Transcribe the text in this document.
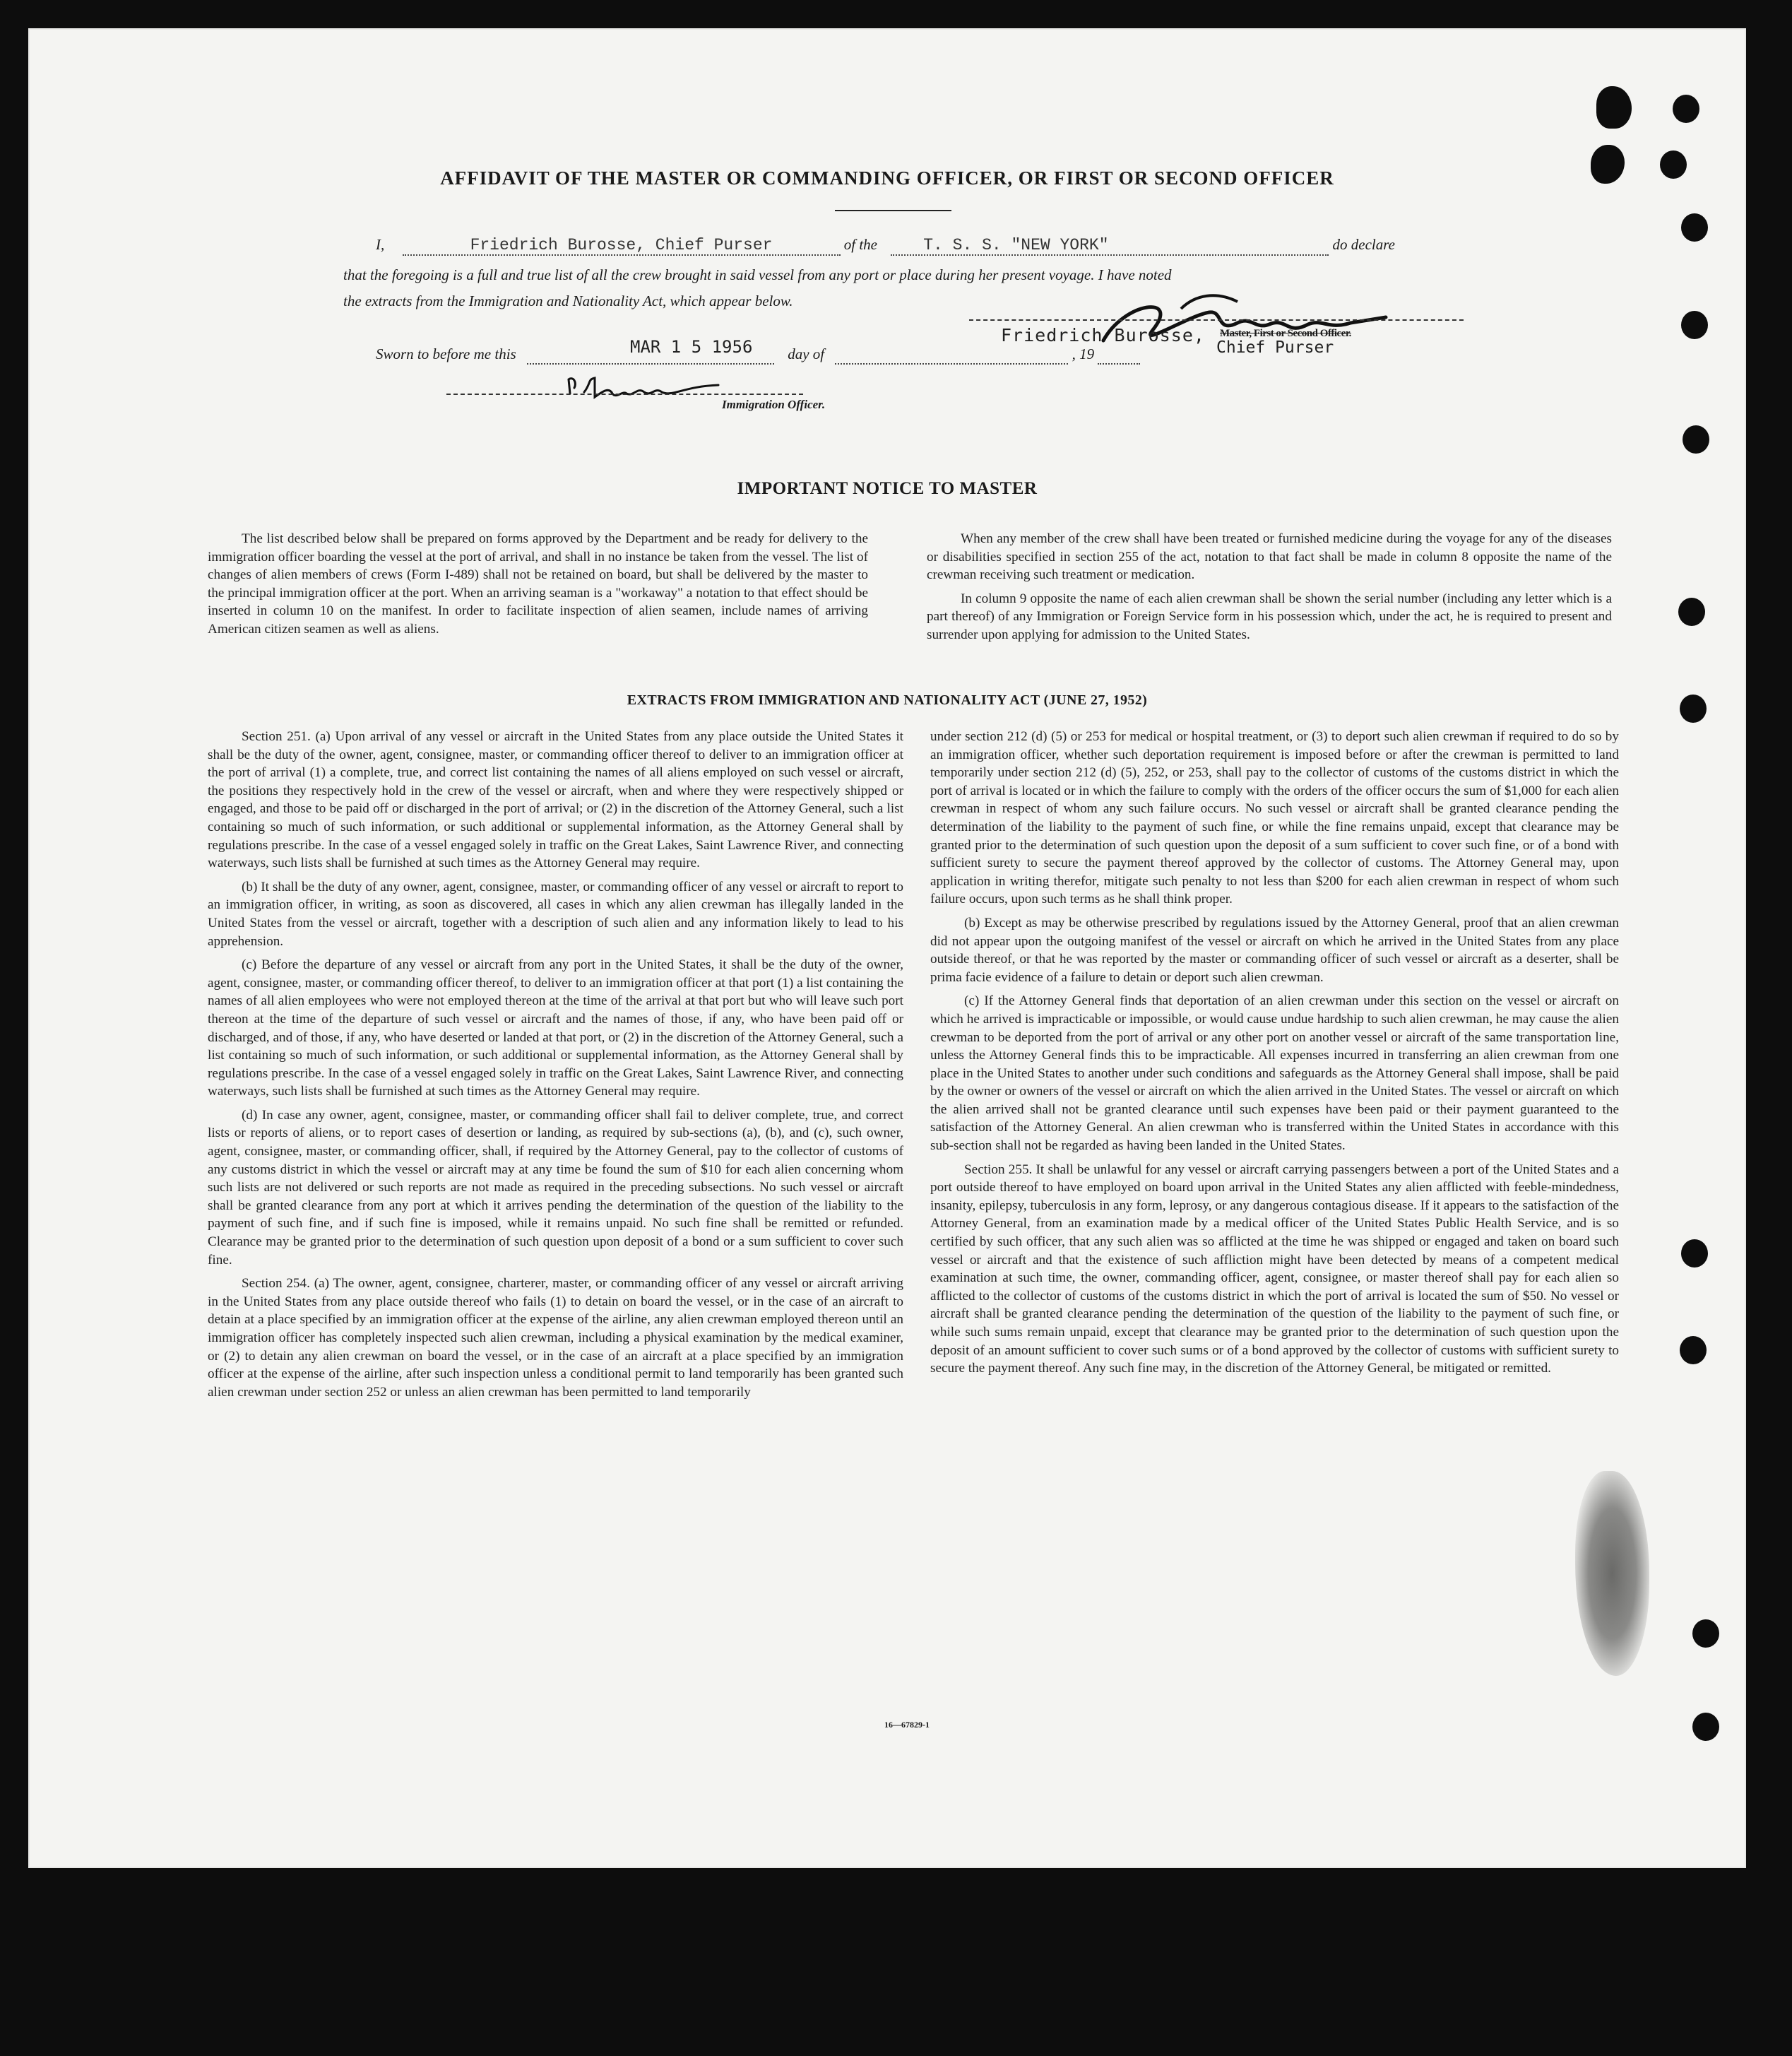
AFFIDAVIT OF THE MASTER OR COMMANDING OFFICER, OR FIRST OR SECOND OFFICER
I,	Friedrich Burosse, Chief Purser	of the	T. S. S. "NEW YORK"	do declare
that the foregoing is a full and true list of all the crew brought in said vessel from any port or place during her present voyage. I have noted
the extracts from the Immigration and Nationality Act, which appear below.
MAR 1 5 1956
Friedrich Burosse, Master, First or Second Officer.
Chief Purser
Sworn to before me this	day of	, 19
Immigration Officer.
IMPORTANT NOTICE TO MASTER

The list described below shall be prepared on forms approved by the Department and be ready for delivery to the immigration officer boarding the vessel at the port of arrival, and shall in no instance be taken from the vessel. The list of changes of alien members of crews (Form I-489) shall not be retained on board, but shall be delivered by the master to the principal immigration officer at the port. When an arriving seaman is a "workaway" a notation to that effect should be inserted in column 10 on the manifest. In order to facilitate inspection of alien seamen, include names of arriving American citizen seamen as well as aliens.

When any member of the crew shall have been treated or furnished medicine during the voyage for any of the diseases or disabilities specified in section 255 of the act, notation to that fact shall be made in column 8 opposite the name of the crewman receiving such treatment or medication.

In column 9 opposite the name of each alien crewman shall be shown the serial number (including any letter which is a part thereof) of any Immigration or Foreign Service form in his possession which, under the act, he is required to present and surrender upon applying for admission to the United States.

EXTRACTS FROM IMMIGRATION AND NATIONALITY ACT (JUNE 27, 1952)

Section 251. (a) Upon arrival of any vessel or aircraft in the United States from any place outside the United States it shall be the duty of the owner, agent, consignee, master, or commanding officer thereof to deliver to an immigration officer at the port of arrival (1) a complete, true, and correct list containing the names of all aliens employed on such vessel or aircraft, the positions they respectively hold in the crew of the vessel or aircraft, when and where they were respectively shipped or engaged, and those to be paid off or discharged in the port of arrival; or (2) in the discretion of the Attorney General, such a list containing so much of such information, or such additional or supplemental information, as the Attorney General shall by regulations prescribe. In the case of a vessel engaged solely in traffic on the Great Lakes, Saint Lawrence River, and connecting waterways, such lists shall be furnished at such times as the Attorney General may require.

(b) It shall be the duty of any owner, agent, consignee, master, or commanding officer of any vessel or aircraft to report to an immigration officer, in writing, as soon as discovered, all cases in which any alien crewman has illegally landed in the United States from the vessel or aircraft, together with a description of such alien and any information likely to lead to his apprehension.

(c) Before the departure of any vessel or aircraft from any port in the United States, it shall be the duty of the owner, agent, consignee, master, or commanding officer thereof, to deliver to an immigration officer at that port (1) a list containing the names of all alien employees who were not employed thereon at the time of the arrival at that port but who will leave such port thereon at the time of the departure of such vessel or aircraft and the names of those, if any, who have been paid off or discharged, and of those, if any, who have deserted or landed at that port, or (2) in the discretion of the Attorney General, such a list containing so much of such information, or such additional or supplemental information, as the Attorney General shall by regulations prescribe. In the case of a vessel engaged solely in traffic on the Great Lakes, Saint Lawrence River, and connecting waterways, such lists shall be furnished at such times as the Attorney General may require.

(d) In case any owner, agent, consignee, master, or commanding officer shall fail to deliver complete, true, and correct lists or reports of aliens, or to report cases of desertion or landing, as required by sub-sections (a), (b), and (c), such owner, agent, consignee, master, or commanding officer, shall, if required by the Attorney General, pay to the collector of customs of any customs district in which the vessel or aircraft may at any time be found the sum of $10 for each alien concerning whom such lists are not delivered or such reports are not made as required in the preceding subsections. No such vessel or aircraft shall be granted clearance from any port at which it arrives pending the determination of the question of the liability to the payment of such fine, and if such fine is imposed, while it remains unpaid. No such fine shall be remitted or refunded. Clearance may be granted prior to the determination of such question upon deposit of a bond or a sum sufficient to cover such fine.

Section 254. (a) The owner, agent, consignee, charterer, master, or commanding officer of any vessel or aircraft arriving in the United States from any place outside thereof who fails (1) to detain on board the vessel, or in the case of an aircraft to detain at a place specified by an immigration officer at the expense of the airline, any alien crewman employed thereon until an immigration officer has completely inspected such alien crewman, including a physical examination by the medical examiner, or (2) to detain any alien crewman on board the vessel, or in the case of an aircraft at a place specified by an immigration officer at the expense of the airline, after such inspection unless a conditional permit to land temporarily has been granted such alien crewman under section 252 or unless an alien crewman has been permitted to land temporarily

under section 212 (d) (5) or 253 for medical or hospital treatment, or (3) to deport such alien crewman if required to do so by an immigration officer, whether such deportation requirement is imposed before or after the crewman is permitted to land temporarily under section 212 (d) (5), 252, or 253, shall pay to the collector of customs of the customs district in which the port of arrival is located or in which the failure to comply with the orders of the officer occurs the sum of $1,000 for each alien crewman in respect of whom any such failure occurs. No such vessel or aircraft shall be granted clearance pending the determination of the liability to the payment of such fine, or while the fine remains unpaid, except that clearance may be granted prior to the determination of such question upon the deposit of a sum sufficient to cover such fine, or of a bond with sufficient surety to secure the payment thereof approved by the collector of customs. The Attorney General may, upon application in writing therefor, mitigate such penalty to not less than $200 for each alien crewman in respect of whom such failure occurs, upon such terms as he shall think proper.

(b) Except as may be otherwise prescribed by regulations issued by the Attorney General, proof that an alien crewman did not appear upon the outgoing manifest of the vessel or aircraft on which he arrived in the United States from any place outside thereof, or that he was reported by the master or commanding officer of such vessel or aircraft as a deserter, shall be prima facie evidence of a failure to detain or deport such alien crewman.

(c) If the Attorney General finds that deportation of an alien crewman under this section on the vessel or aircraft on which he arrived is impracticable or impossible, or would cause undue hardship to such alien crewman, he may cause the alien crewman to be deported from the port of arrival or any other port on another vessel or aircraft of the same transportation line, unless the Attorney General finds this to be impracticable. All expenses incurred in transferring an alien crewman from one place in the United States to another under such conditions and safeguards as the Attorney General shall impose, shall be paid by the owner or owners of the vessel or aircraft on which the alien arrived in the United States. The vessel or aircraft on which the alien arrived shall not be granted clearance until such expenses have been paid or their payment guaranteed to the satisfaction of the Attorney General. An alien crewman who is transferred within the United States in accordance with this sub-section shall not be regarded as having been landed in the United States.

Section 255. It shall be unlawful for any vessel or aircraft carrying passengers between a port of the United States and a port outside thereof to have employed on board upon arrival in the United States any alien afflicted with feeble-mindedness, insanity, epilepsy, tuberculosis in any form, leprosy, or any dangerous contagious disease. If it appears to the satisfaction of the Attorney General, from an examination made by a medical officer of the United States Public Health Service, and is so certified by such officer, that any such alien was so afflicted at the time he was shipped or engaged and taken on board such vessel or aircraft and that the existence of such affliction might have been detected by means of a competent medical examination at such time, the owner, commanding officer, agent, consignee, or master thereof shall pay for each alien so afflicted to the collector of customs of the customs district in which the port of arrival is located the sum of $50. No vessel or aircraft shall be granted clearance pending the determination of the question of the liability to the payment of such fine, or while such sums remain unpaid, except that clearance may be granted prior to the determination of such question upon the deposit of an amount sufficient to cover such sums or of a bond approved by the collector of customs with sufficient surety to secure the payment thereof. Any such fine may, in the discretion of the Attorney General, be mitigated or remitted.

16—67829-1
